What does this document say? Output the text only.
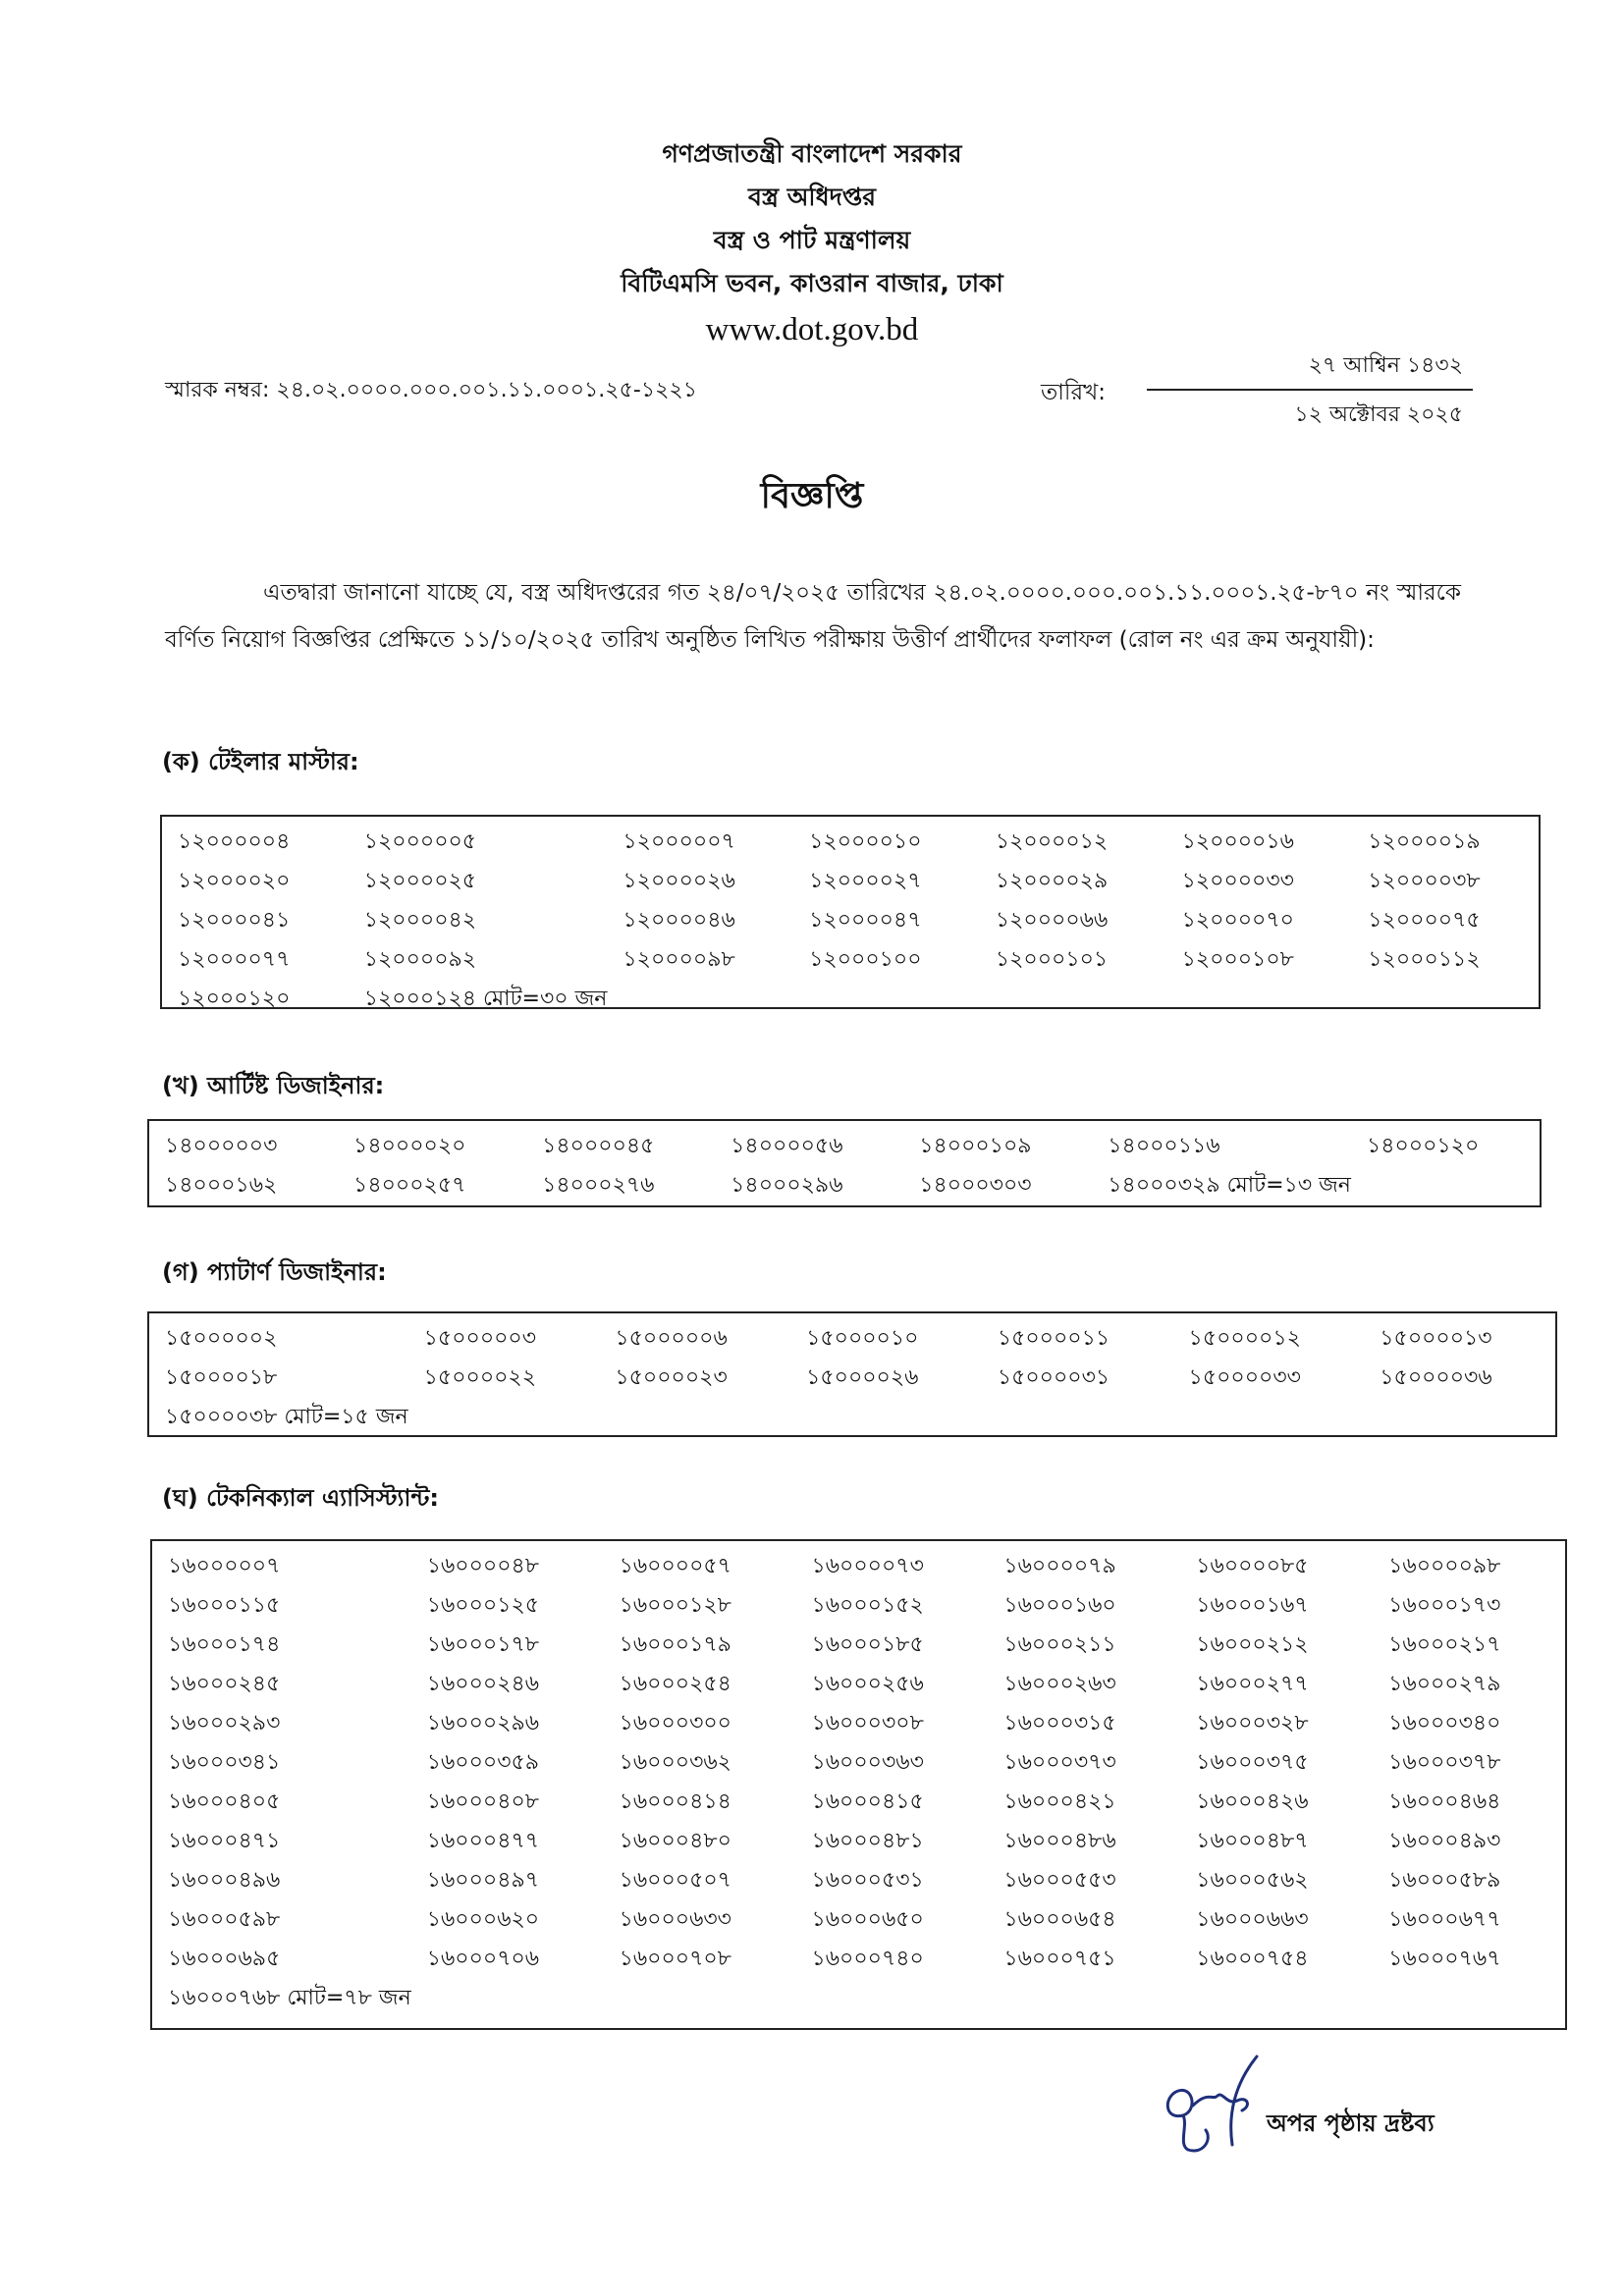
গণপ্রজাতন্ত্রী বাংলাদেশ সরকার
বস্ত্র অধিদপ্তর
বস্ত্র ও পাট মন্ত্রণালয়
বিটিএমসি ভবন, কাওরান বাজার, ঢাকা
www.dot.gov.bd
স্মারক নম্বর: ২৪.০২.০০০০.০০০.০০১.১১.০০০১.২৫-১২২১	তারিখ:
২৭ আশ্বিন ১৪৩২
১২ অক্টোবর ২০২৫
বিজ্ঞপ্তি
এতদ্বারা জানানো যাচ্ছে যে, বস্ত্র অধিদপ্তরের গত ২৪/০৭/২০২৫ তারিখের ২৪.০২.০০০০.০০০.০০১.১১.০০০১.২৫-৮৭০ নং স্মারকে বর্ণিত নিয়োগ বিজ্ঞপ্তির প্রেক্ষিতে ১১/১০/২০২৫ তারিখ অনুষ্ঠিত লিখিত পরীক্ষায় উত্তীর্ণ প্রার্থীদের ফলাফল (রোল নং এর ক্রম অনুযায়ী):
(ক) টেইলার মাস্টার:
১২০০০০০৪	১২০০০০০৫	১২০০০০০৭	১২০০০০১০	১২০০০০১২	১২০০০০১৬	১২০০০০১৯
১২০০০০২০	১২০০০০২৫	১২০০০০২৬	১২০০০০২৭	১২০০০০২৯	১২০০০০৩৩	১২০০০০৩৮
১২০০০০৪১	১২০০০০৪২	১২০০০০৪৬	১২০০০০৪৭	১২০০০০৬৬	১২০০০০৭০	১২০০০০৭৫
১২০০০০৭৭	১২০০০০৯২	১২০০০০৯৮	১২০০০১০০	১২০০০১০১	১২০০০১০৮	১২০০০১১২
১২০০০১২০	১২০০০১২৪ মোট=৩০ জন
(খ) আর্টিষ্ট ডিজাইনার:
১৪০০০০০৩	১৪০০০০২০	১৪০০০০৪৫	১৪০০০০৫৬	১৪০০০১০৯	১৪০০০১১৬	১৪০০০১২০
১৪০০০১৬২	১৪০০০২৫৭	১৪০০০২৭৬	১৪০০০২৯৬	১৪০০০৩০৩	১৪০০০৩২৯ মোট=১৩ জন
(গ) প্যাটার্ণ ডিজাইনার:
১৫০০০০০২	১৫০০০০০৩	১৫০০০০০৬	১৫০০০০১০	১৫০০০০১১	১৫০০০০১২	১৫০০০০১৩
১৫০০০০১৮	১৫০০০০২২	১৫০০০০২৩	১৫০০০০২৬	১৫০০০০৩১	১৫০০০০৩৩	১৫০০০০৩৬
১৫০০০০৩৮ মোট=১৫ জন
(ঘ) টেকনিক্যাল এ্যাসিস্ট্যান্ট:
১৬০০০০০৭	১৬০০০০৪৮	১৬০০০০৫৭	১৬০০০০৭৩	১৬০০০০৭৯	১৬০০০০৮৫	১৬০০০০৯৮
১৬০০০১১৫	১৬০০০১২৫	১৬০০০১২৮	১৬০০০১৫২	১৬০০০১৬০	১৬০০০১৬৭	১৬০০০১৭৩
১৬০০০১৭৪	১৬০০০১৭৮	১৬০০০১৭৯	১৬০০০১৮৫	১৬০০০২১১	১৬০০০২১২	১৬০০০২১৭
১৬০০০২৪৫	১৬০০০২৪৬	১৬০০০২৫৪	১৬০০০২৫৬	১৬০০০২৬৩	১৬০০০২৭৭	১৬০০০২৭৯
১৬০০০২৯৩	১৬০০০২৯৬	১৬০০০৩০০	১৬০০০৩০৮	১৬০০০৩১৫	১৬০০০৩২৮	১৬০০০৩৪০
১৬০০০৩৪১	১৬০০০৩৫৯	১৬০০০৩৬২	১৬০০০৩৬৩	১৬০০০৩৭৩	১৬০০০৩৭৫	১৬০০০৩৭৮
১৬০০০৪০৫	১৬০০০৪০৮	১৬০০০৪১৪	১৬০০০৪১৫	১৬০০০৪২১	১৬০০০৪২৬	১৬০০০৪৬৪
১৬০০০৪৭১	১৬০০০৪৭৭	১৬০০০৪৮০	১৬০০০৪৮১	১৬০০০৪৮৬	১৬০০০৪৮৭	১৬০০০৪৯৩
১৬০০০৪৯৬	১৬০০০৪৯৭	১৬০০০৫০৭	১৬০০০৫৩১	১৬০০০৫৫৩	১৬০০০৫৬২	১৬০০০৫৮৯
১৬০০০৫৯৮	১৬০০০৬২০	১৬০০০৬৩৩	১৬০০০৬৫০	১৬০০০৬৫৪	১৬০০০৬৬৩	১৬০০০৬৭৭
১৬০০০৬৯৫	১৬০০০৭০৬	১৬০০০৭০৮	১৬০০০৭৪০	১৬০০০৭৫১	১৬০০০৭৫৪	১৬০০০৭৬৭
১৬০০০৭৬৮ মোট=৭৮ জন
অপর পৃষ্ঠায় দ্রষ্টব্য
